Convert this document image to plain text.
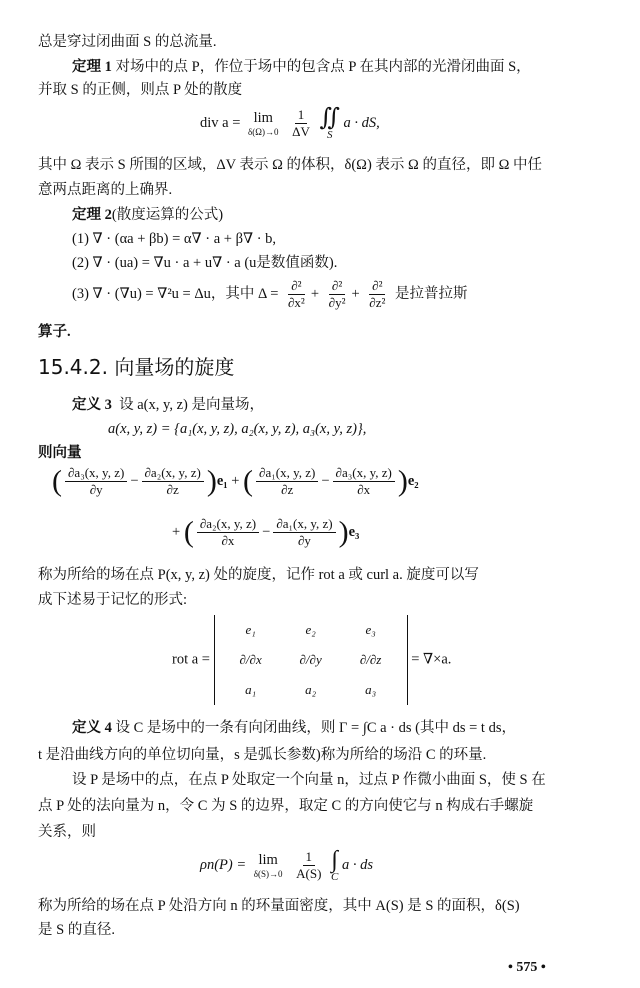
总是穿过闭曲面 S 的总流量.
定理 1 对场中的点 P，作位于场中的包含点 P 在其内部的光滑闭曲面 S，
并取 S 的正侧，则点 P 处的散度
div a = lim
δ(Ω)→0
$\frac{1}{\Delta V}$
∬
S
a · dS,
其中 Ω 表示 S 所围的区域，ΔV 表示 Ω 的体积，δ(Ω) 表示 Ω 的直径，即 Ω 中任
意两点距离的上确界.
定理 2(散度运算的公式)
(1) ∇ · (αa + βb) = α∇ · a + β∇ · b,
(2) ∇ · (ua) = ∇u · a + u∇ · a (u是数值函数).
(3) ∇ · (∇u) = ∇²u = Δu，其中 $\Delta = \frac{\text{∂²}}{\text{∂x²}} + \frac{\text{∂²}}{\text{∂y²}} + \frac{\text{∂²}}{\text{∂z²}}$ 是拉普拉斯
算子.
15.4.2. 向量场的旋度
定义 3 设 a(x, y, z) 是向量场，
a(x, y, z) = {a₁(x, y, z), a₂(x, y, z), a₃(x, y, z)},
则向量
( $\frac{\text{∂a₃(x, y, z)}}{\partial y} - \frac{\text{∂a₂(x, y, z)}}{\partial z} )e_1$ + ( $\frac{\text{∂a₁(x, y, z)}}{\partial z} - \frac{\text{∂a₃(x, y, z)}}{\partial x} )e_2$
+ ( $\frac{\text{∂a₂(x, y, z)}}{\partial x} - \frac{\text{∂a₁(x, y, z)}}{\partial y} )e_3$
称为所给的场在点 P(x, y, z) 处的旋度，记作 rot a 或 curl a. 旋度可以写
成下述易于记忆的形式:
rot a =
e₁	e₂	e₃
∂/∂x	∂/∂y	∂/∂z
a₁	a₂	a₃
= ∇×a.
定义 4 设 C 是场中的一条有向闭曲线，则 Γ = ∫C a · ds (其中 ds = t ds，
t 是沿曲线方向的单位切向量，s 是弧长参数)称为所给的场沿 C 的环量.
设 P 是场中的点，在点 P 处取定一个向量 n，过点 P 作微小曲面 S，使 S 在
点 P 处的法向量为 n，令 C 为 S 的边界，取定 C 的方向使它与 n 构成右手螺旋
关系，则
ρn(P) = lim
δ(S)→0
$\frac{1}{A(S)}$
∫
C
a · ds
称为所给的场在点 P 处沿方向 n 的环量面密度，其中 A(S) 是 S 的面积，δ(S)
是 S 的直径.
• 575 •
